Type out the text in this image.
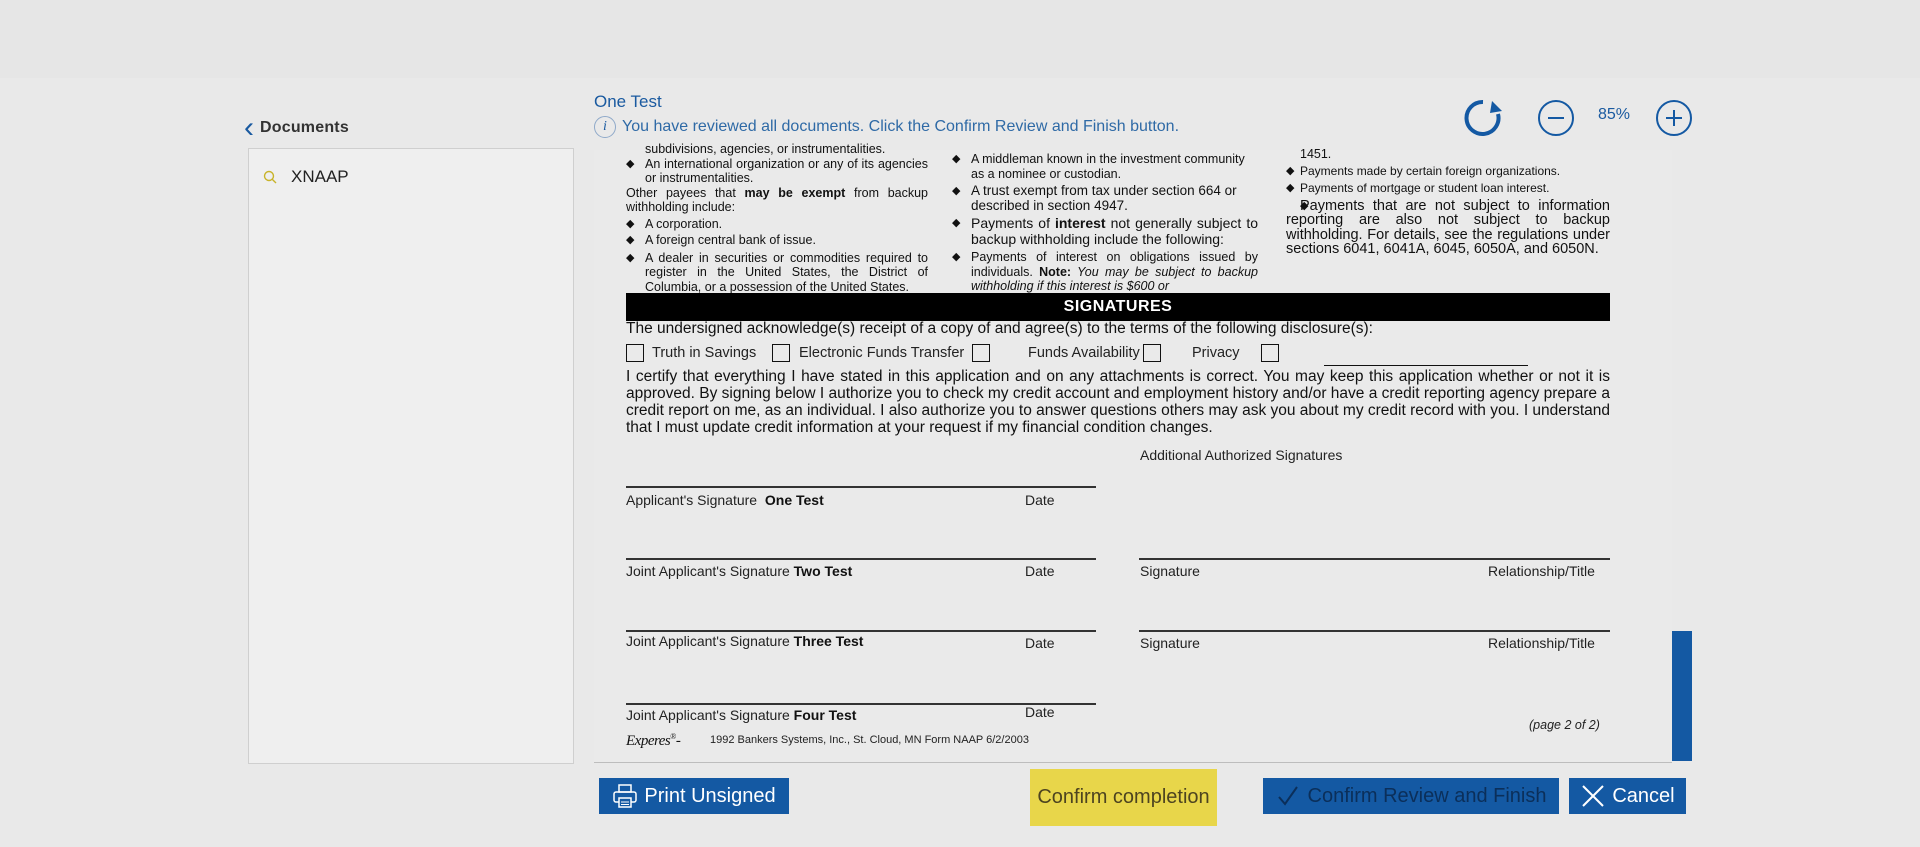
‹ Documents
XNAAP
One Test
i You have reviewed all documents. Click the Confirm Review and Finish button.
85%

subdivisions, agencies, or instrumentalities.

◆ An international organization or any of its agencies or instrumentalities.

Other payees that may be exempt from backup withholding include:

◆ A corporation.

◆ A foreign central bank of issue.

◆ A dealer in securities or commodities required to register in the United States, the District of Columbia, or a possession of the United States.

◆ A middleman known in the investment community as a nominee or custodian.

◆ A trust exempt from tax under section 664 or described in section 4947.

◆ Payments of interest not generally subject to backup withholding include the following:

◆ Payments of interest on obligations issued by individuals. Note: You may be subject to backup withholding if this interest is $600 or

1451.

◆ Payments made by certain foreign organizations.

◆ Payments of mortgage or student loan interest.

◆ Payments that are not subject to information reporting are also not subject to backup withholding. For details, see the regulations under sections 6041, 6041A, 6045, 6050A, and 6050N.

SIGNATURES
The undersigned acknowledge(s) receipt of a copy of and agree(s) to the terms of the following disclosure(s):
Truth in Savings	Electronic Funds Transfer	Funds Availability	Privacy
I certify that everything I have stated in this application and on any attachments is correct. You may keep this application whether or not it is approved. By signing below I authorize you to check my credit account and employment history and/or have a credit reporting agency prepare a credit report on me, as an individual. I also authorize you to answer questions others may ask you about my credit record with you. I understand that I must update credit information at your request if my financial condition changes.
Additional Authorized Signatures
Applicant's Signature One Test	Date
Joint Applicant's Signature Two Test	Date	Signature	Relationship/Title
Joint Applicant's Signature Three Test	Date	Signature	Relationship/Title
Joint Applicant's Signature Four Test	Date
Experes®-	1992 Bankers Systems, Inc., St. Cloud, MN Form NAAP 6/2/2003
(page 2 of 2)
Print Unsigned	Confirm completion	Confirm Review and Finish	Cancel
